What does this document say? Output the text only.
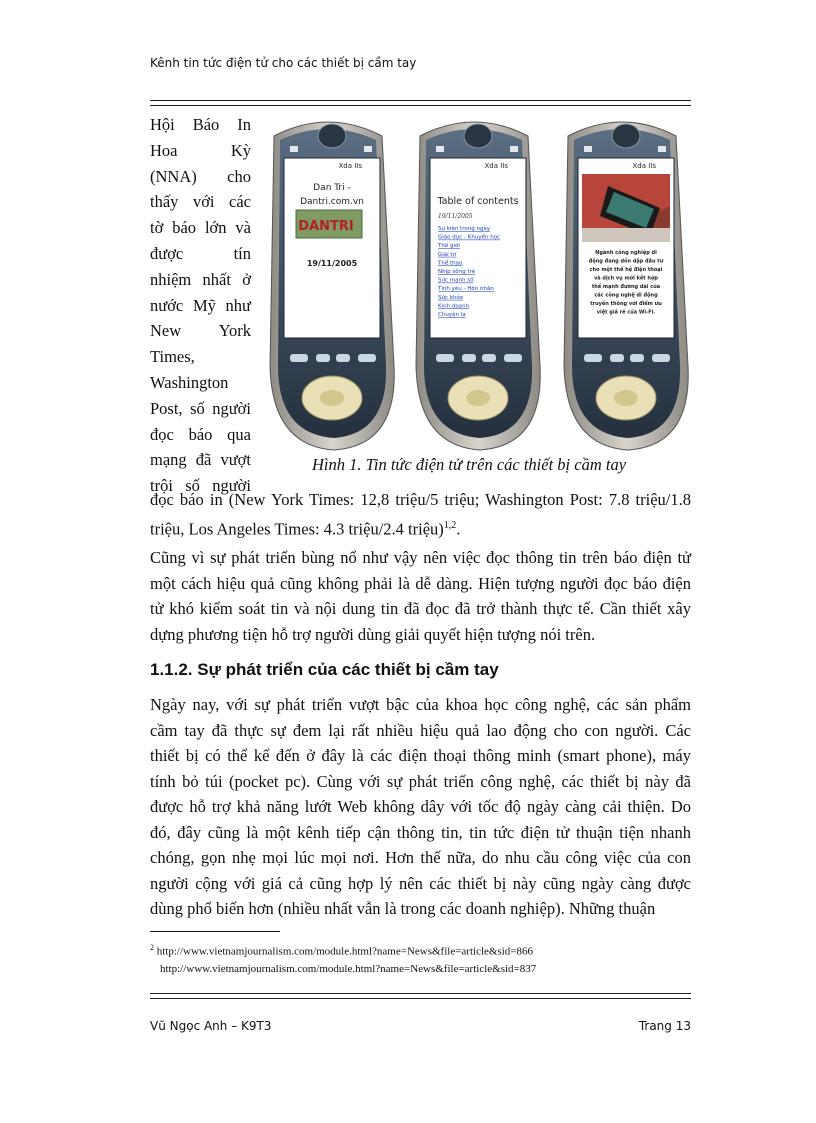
Kênh tin tức điện tử cho các thiết bị cầm tay
Hội Báo In
Hoa	Kỳ
(NNA) cho
thấy với các
tờ báo lớn và
được	tín
nhiệm nhất ở
nước Mỹ như
New York
Times,
Washington
Post, số người
đọc báo qua
mạng đã vượt
trội số người
Xda IIs
Dan Tri -
Dantri.com.vn
DANTRI
19/11/2005
Xda IIs
Table of contents
19/11/2005
Sự kiện trong ngày
Giáo dục - Khuyến học
Thế giới
Giải trí
Thể thao
Nhịp sống trẻ
Sức mạnh số
Tình yêu - Hôn nhân
Sức khỏe
Kinh doanh
Chuyện lạ
Xda IIs
Ngành công nghiệp di
động đang dồn dập đầu tư
cho một thế hệ điện thoại
và dịch vụ mới kết hợp
thế mạnh đường dài của
các công nghệ di động
truyền thông với điểm ưu
việt giá rẻ của Wi-Fi.
Hình 1. Tin tức điện tử trên các thiết bị cầm tay
đọc báo in (New York Times: 12,8 triệu/5 triệu; Washington Post: 7.8 triệu/1.8
triệu, Los Angeles Times: 4.3 triệu/2.4 triệu)$^{1,2}$.
Cũng vì sự phát triển bùng nổ như vậy nên việc đọc thông tin trên báo điện tử
một cách hiệu quả cũng không phải là dễ dàng. Hiện tượng người đọc báo điện
tử khó kiểm soát tin và nội dung tin đã đọc đã trở thành thực tế. Cần thiết xây
dựng phương tiện hỗ trợ người dùng giải quyết hiện tượng nói trên.
1.1.2. Sự phát triển của các thiết bị cầm tay
Ngày nay, với sự phát triển vượt bậc của khoa học công nghệ, các sản phẩm
cầm tay đã thực sự đem lại rất nhiều hiệu quả lao động cho con người. Các
thiết bị có thể kể đến ở đây là các điện thoại thông minh (smart phone), máy
tính bỏ túi (pocket pc). Cùng với sự phát triển công nghệ, các thiết bị này đã
được hỗ trợ khả năng lướt Web không dây với tốc độ ngày càng cải thiện. Do
đó, đây cũng là một kênh tiếp cận thông tin, tin tức điện tử thuận tiện nhanh
chóng, gọn nhẹ mọi lúc mọi nơi. Hơn thế nữa, do nhu cầu công việc của con
người cộng với giá cả cũng hợp lý nên các thiết bị này cũng ngày càng được
dùng phổ biến hơn (nhiều nhất vẫn là trong các doanh nghiệp). Những thuận
$^2$ http://www.vietnamjournalism.com/module.html?name=News&file=article&sid=866
http://www.vietnamjournalism.com/module.html?name=News&file=article&sid=837
Vũ Ngọc Anh – K9T3	Trang 13
